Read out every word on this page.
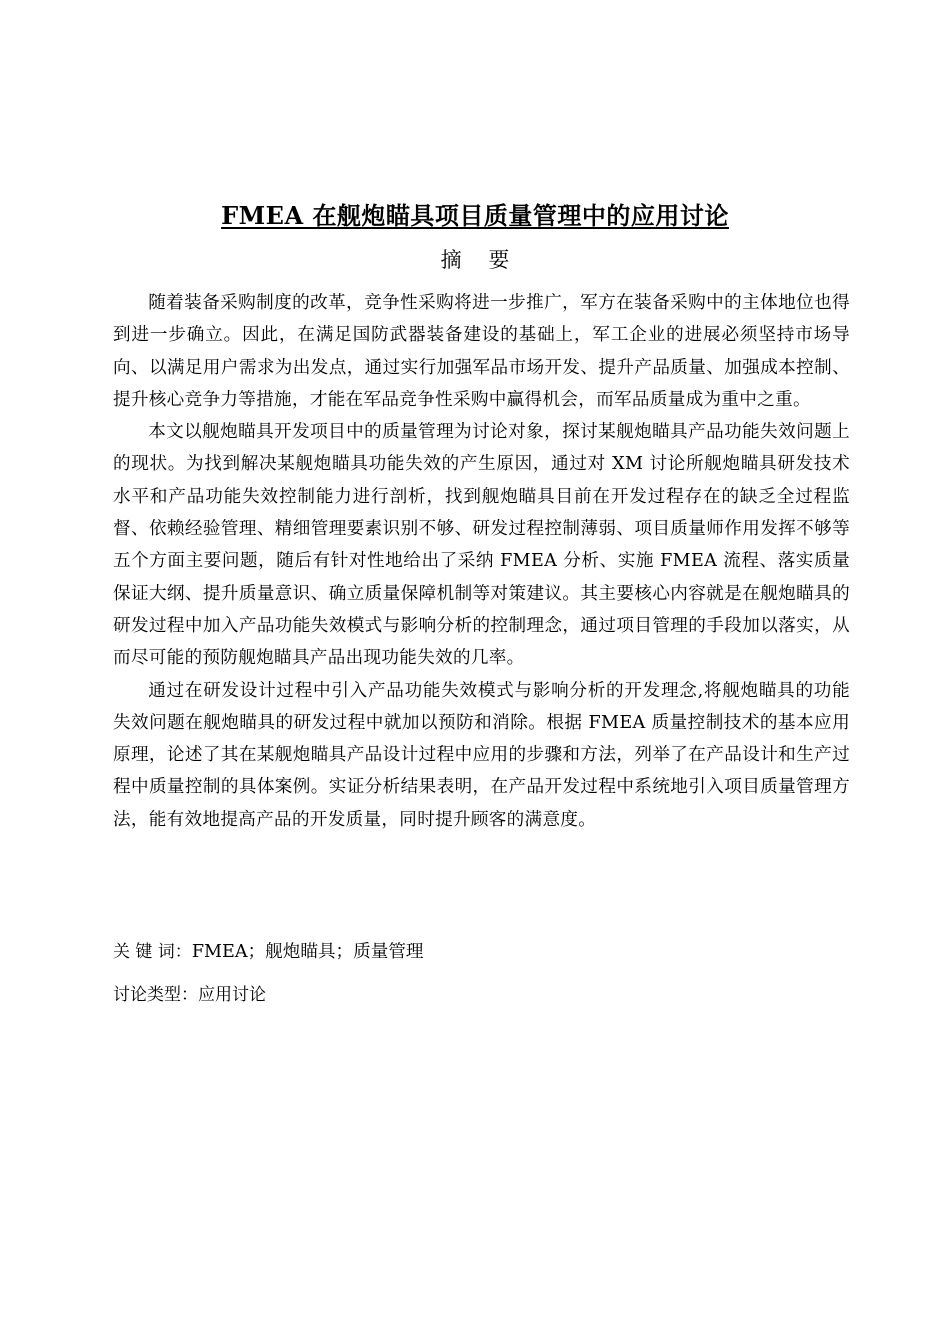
FMEA 在舰炮瞄具项目质量管理中的应用讨论
摘 要

随着装备采购制度的改革，竞争性采购将进一步推广，军方在装备采购中的主体地位也得到进一步确立。因此，在满足国防武器装备建设的基础上，军工企业的进展必须坚持市场导向、以满足用户需求为出发点，通过实行加强军品市场开发、提升产品质量、加强成本控制、提升核心竞争力等措施，才能在军品竞争性采购中赢得机会，而军品质量成为重中之重。

本文以舰炮瞄具开发项目中的质量管理为讨论对象，探讨某舰炮瞄具产品功能失效问题上的现状。为找到解决某舰炮瞄具功能失效的产生原因，通过对 XM 讨论所舰炮瞄具研发技术水平和产品功能失效控制能力进行剖析，找到舰炮瞄具目前在开发过程存在的缺乏全过程监督、依赖经验管理、精细管理要素识别不够、研发过程控制薄弱、项目质量师作用发挥不够等五个方面主要问题，随后有针对性地给出了采纳 FMEA 分析、实施 FMEA 流程、落实质量保证大纲、提升质量意识、确立质量保障机制等对策建议。其主要核心内容就是在舰炮瞄具的研发过程中加入产品功能失效模式与影响分析的控制理念，通过项目管理的手段加以落实，从而尽可能的预防舰炮瞄具产品出现功能失效的几率。

通过在研发设计过程中引入产品功能失效模式与影响分析的开发理念,将舰炮瞄具的功能失效问题在舰炮瞄具的研发过程中就加以预防和消除。根据 FMEA 质量控制技术的基本应用原理，论述了其在某舰炮瞄具产品设计过程中应用的步骤和方法，列举了在产品设计和生产过程中质量控制的具体案例。实证分析结果表明，在产品开发过程中系统地引入项目质量管理方法，能有效地提高产品的开发质量，同时提升顾客的满意度。

关 键 词：FMEA；舰炮瞄具；质量管理
讨论类型：应用讨论
